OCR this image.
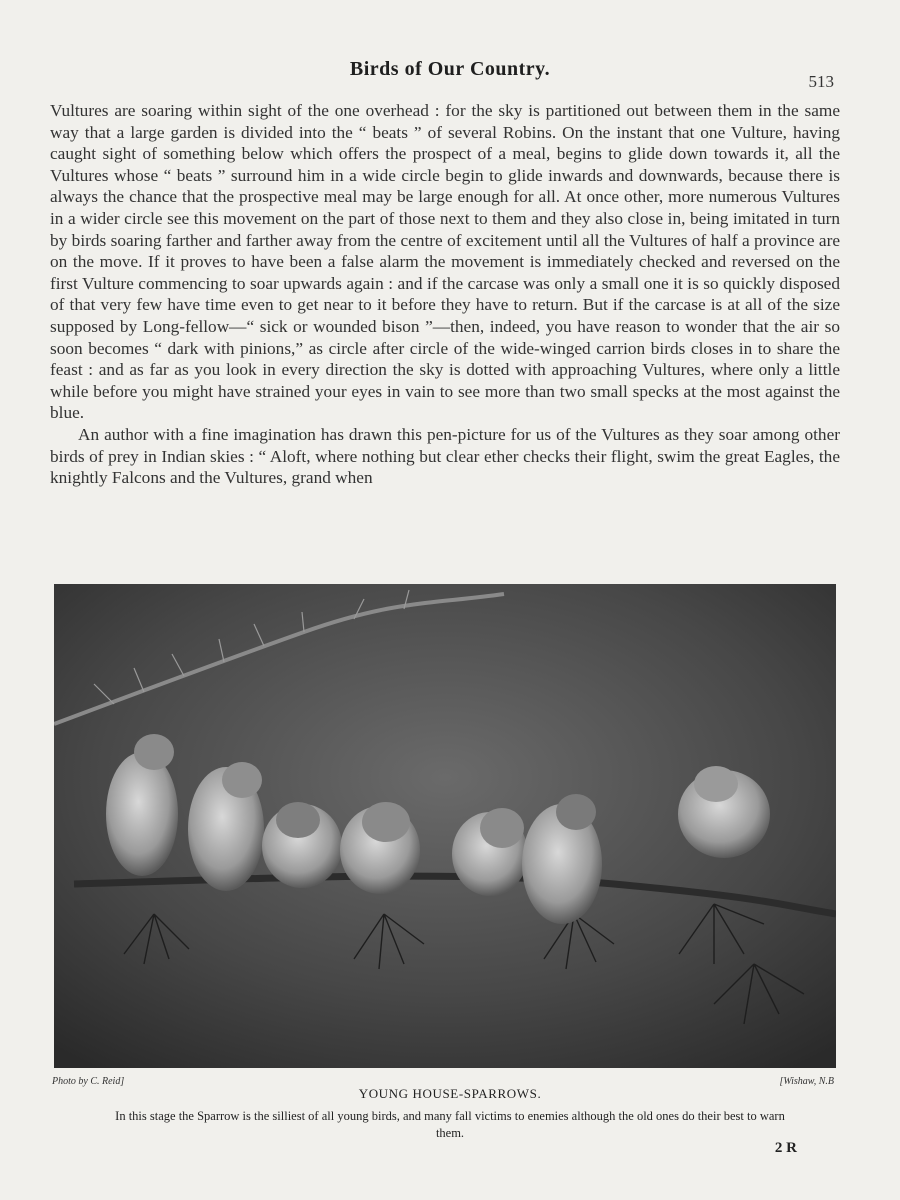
Birds of Our Country.
513

Vultures are soaring within sight of the one overhead : for the sky is partitioned out between them in the same way that a large garden is divided into the “ beats ” of several Robins. On the instant that one Vulture, having caught sight of something below which offers the prospect of a meal, begins to glide down towards it, all the Vultures whose “ beats ” surround him in a wide circle begin to glide inwards and downwards, because there is always the chance that the prospective meal may be large enough for all. At once other, more numerous Vultures in a wider circle see this movement on the part of those next to them and they also close in, being imitated in turn by birds soaring farther and farther away from the centre of excitement until all the Vultures of half a province are on the move. If it proves to have been a false alarm the movement is immediately checked and reversed on the first Vulture commencing to soar upwards again : and if the carcase was only a small one it is so quickly disposed of that very few have time even to get near to it before they have to return. But if the carcase is at all of the size supposed by Long-fellow—“ sick or wounded bison ”—then, indeed, you have reason to wonder that the air so soon becomes “ dark with pinions,” as circle after circle of the wide-winged carrion birds closes in to share the feast : and as far as you look in every direction the sky is dotted with approaching Vultures, where only a little while before you might have strained your eyes in vain to see more than two small specks at the most against the blue.

An author with a fine imagination has drawn this pen-picture for us of the Vultures as they soar among other birds of prey in Indian skies : “ Aloft, where nothing but clear ether checks their flight, swim the great Eagles, the knightly Falcons and the Vultures, grand when

Photo by C. Reid]	[Wishaw, N.B
YOUNG HOUSE-SPARROWS.
In this stage the Sparrow is the silliest of all young birds, and many fall victims to enemies although the old ones do their best to warn them.
2 R
